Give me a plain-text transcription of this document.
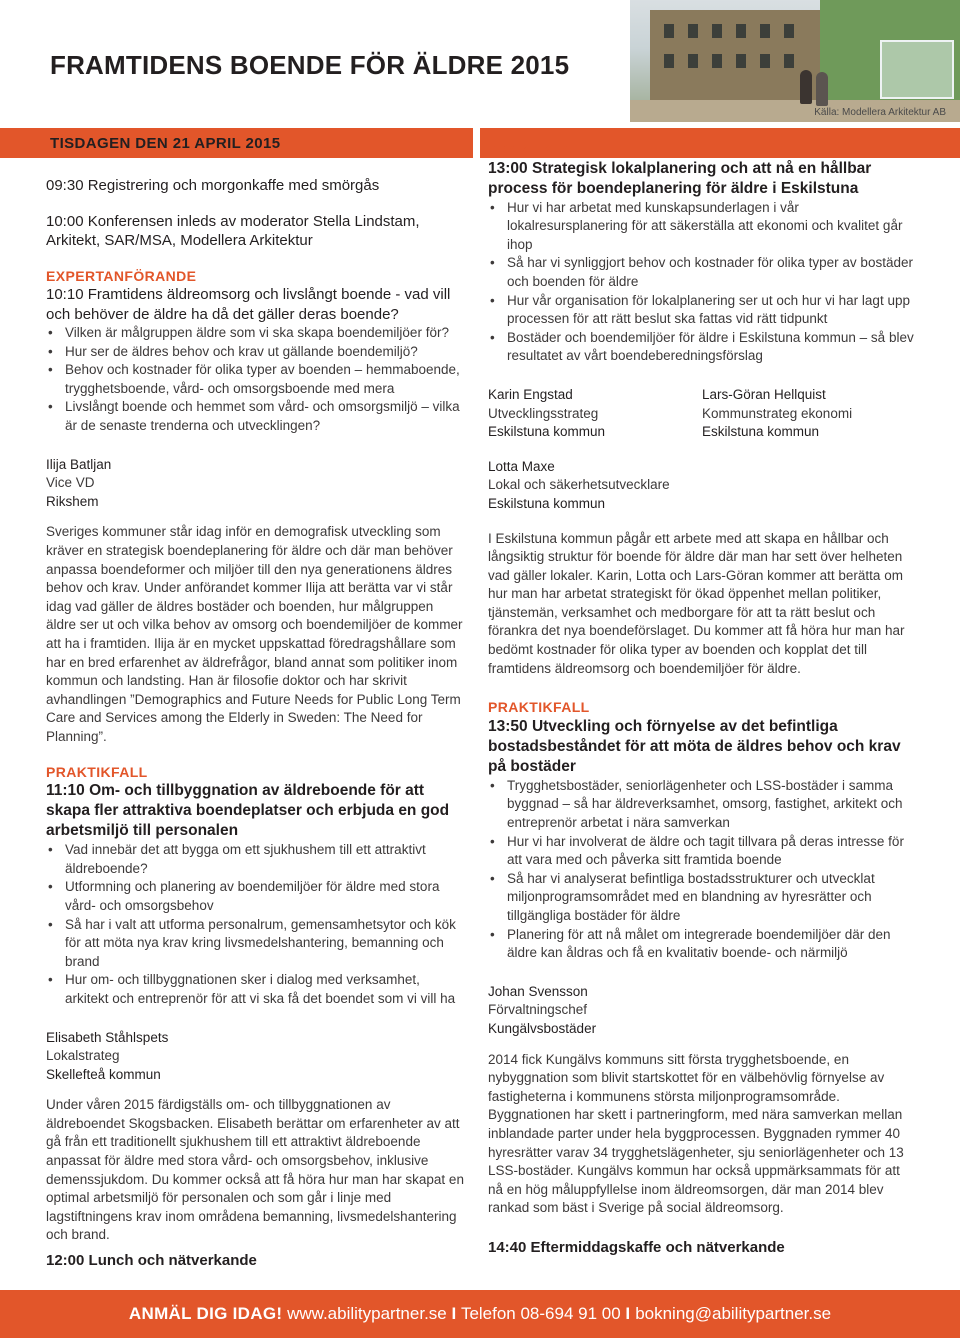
FRAMTIDENS BOENDE FÖR ÄLDRE 2015
Källa: Modellera Arkitektur AB
TISDAGEN DEN 21 APRIL 2015

09:30 Registrering och morgonkaffe med smörgås

10:00 Konferensen inleds av moderator Stella Lindstam, Arkitekt, SAR/MSA, Modellera Arkitektur

EXPERTANFÖRANDE

10:10 Framtidens äldreomsorg och livslångt boende - vad vill och behöver de äldre ha då det gäller deras boende?

• Vilken är målgruppen äldre som vi ska skapa boendemiljöer för?
• Hur ser de äldres behov och krav ut gällande boendemiljö?
• Behov och kostnader för olika typer av boenden – hemmaboende, trygghetsboende, vård- och omsorgsboende med mera
• Livslångt boende och hemmet som vård- och omsorgsmiljö – vilka är de senaste trenderna och utvecklingen?
Ilija Batljan
Vice VD
Rikshem

Sveriges kommuner står idag inför en demografisk utveckling som kräver en strategisk boendeplanering för äldre och där man behöver anpassa boendeformer och miljöer till den nya generationens äldres behov och krav. Under anförandet kommer Ilija att berätta var vi står idag vad gäller de äldres bostäder och boenden, hur målgruppen äldre ser ut och vilka behov av omsorg och boendemiljöer de kommer att ha i framtiden. Ilija är en mycket uppskattad föredragshållare som har en bred erfarenhet av äldrefrågor, bland annat som politiker inom kommun och landsting. Han är filosofie doktor och har skrivit avhandlingen ”Demographics and Future Needs for Public Long Term Care and Services among the Elderly in Sweden: The Need for Planning”.

PRAKTIKFALL

11:10 Om- och tillbyggnation av äldreboende för att skapa fler attraktiva boendeplatser och erbjuda en god arbetsmiljö till personalen

• Vad innebär det att bygga om ett sjukhushem till ett attraktivt äldreboende?
• Utformning och planering av boendemiljöer för äldre med stora vård- och omsorgsbehov
• Så har i valt att utforma personalrum, gemensamhetsytor och kök för att möta nya krav kring livsmedelshantering, bemanning och brand
• Hur om- och tillbyggnationen sker i dialog med verksamhet, arkitekt och entreprenör för att vi ska få det boendet som vi vill ha
Elisabeth Ståhlspets
Lokalstrateg
Skellefteå kommun

Under våren 2015 färdigställs om- och tillbyggnationen av äldreboendet Skogsbacken. Elisabeth berättar om erfarenheter av att gå från ett traditionellt sjukhushem till ett attraktivt äldreboende anpassat för äldre med stora vård- och omsorgsbehov, inklusive demenssjukdom. Du kommer också att få höra hur man har skapat en optimal arbetsmiljö för personalen och som går i linje med lagstiftningens krav inom områdena bemanning, livsmedelshantering och brand.

12:00 Lunch och nätverkande

PRAKTIKFALL

13:00 Strategisk lokalplanering och att nå en hållbar process för boendeplanering för äldre i Eskilstuna

• Hur vi har arbetat med kunskapsunderlagen i vår lokalresursplanering för att säkerställa att ekonomi och kvalitet går ihop
• Så har vi synliggjort behov och kostnader för olika typer av bostäder och boenden för äldre
• Hur vår organisation för lokalplanering ser ut och hur vi har lagt upp processen för att rätt beslut ska fattas vid rätt tidpunkt
• Bostäder och boendemiljöer för äldre i Eskilstuna kommun – så blev resultatet av vårt boendeberedningsförslag
Karin Engstad
Utvecklingsstrateg
Eskilstuna kommun
Lars-Göran Hellquist
Kommunstrateg ekonomi
Eskilstuna kommun
Lotta Maxe
Lokal och säkerhetsutvecklare
Eskilstuna kommun

I Eskilstuna kommun pågår ett arbete med att skapa en hållbar och långsiktig struktur för boende för äldre där man har sett över helheten vad gäller lokaler. Karin, Lotta och Lars-Göran kommer att berätta om hur man har arbetat strategiskt för ökad öppenhet mellan politiker, tjänstemän, verksamhet och medborgare för att ta rätt beslut och förankra det nya boendeförslaget. Du kommer att få höra hur man har bedömt kostnader för olika typer av boenden och kopplat det till framtidens äldreomsorg och boendemiljöer för äldre.

PRAKTIKFALL

13:50 Utveckling och förnyelse av det befintliga bostadsbeståndet för att möta de äldres behov och krav på bostäder

• Trygghetsbostäder, seniorlägenheter och LSS-bostäder i samma byggnad – så har äldreverksamhet, omsorg, fastighet, arkitekt och entreprenör arbetat i nära samverkan
• Hur vi har involverat de äldre och tagit tillvara på deras intresse för att vara med och påverka sitt framtida boende
• Så har vi analyserat befintliga bostadsstrukturer och utvecklat miljonprogramsområdet med en blandning av hyresrätter och tillgängliga bostäder för äldre
• Planering för att nå målet om integrerade boendemiljöer där den äldre kan åldras och få en kvalitativ boende- och närmiljö
Johan Svensson
Förvaltningschef
Kungälvsbostäder

2014 fick Kungälvs kommuns sitt första trygghetsboende, en nybyggnation som blivit startskottet för en välbehövlig förnyelse av fastigheterna i kommunens största miljonprogramsområde. Byggnationen har skett i partneringform, med nära samverkan mellan inblandade parter under hela byggprocessen. Byggnaden rymmer 40 hyresrätter varav 34 trygghetslägenheter, sju seniorlägenheter och 13 LSS-bostäder. Kungälvs kommun har också uppmärksammats för att nå en hög måluppfyllelse inom äldreomsorgen, där man 2014 blev rankad som bäst i Sverige på social äldreomsorg.

14:40 Eftermiddagskaffe och nätverkande

ANMÄL DIG IDAG! www.abilitypartner.se I Telefon 08-694 91 00 I bokning@abilitypartner.se
